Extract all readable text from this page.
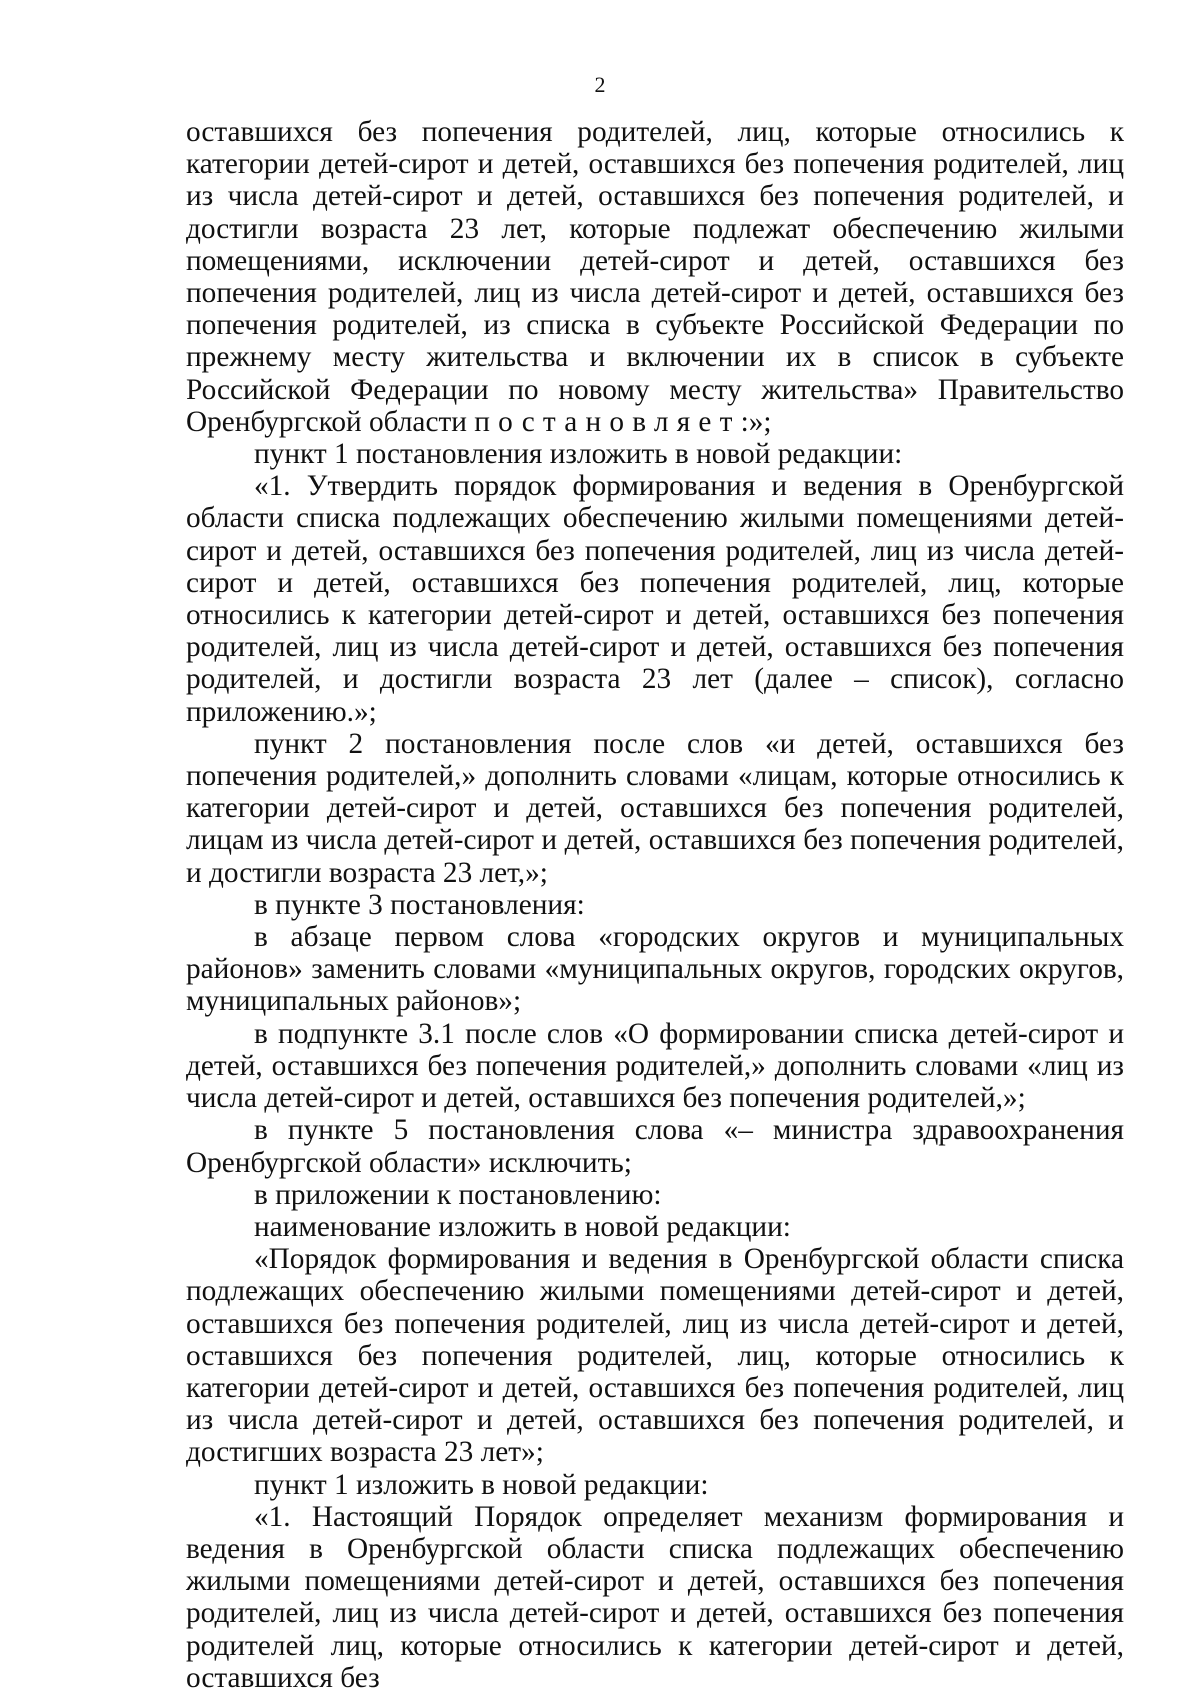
2

оставшихся без попечения родителей, лиц, которые относились к категории детей-сирот и детей, оставшихся без попечения родителей, лиц из числа детей-сирот и детей, оставшихся без попечения родителей, и достигли возраста 23 лет, которые подлежат обеспечению жилыми помещениями, исключении детей-сирот и детей, оставшихся без попечения родителей, лиц из числа детей-сирот и детей, оставшихся без попечения родителей, из списка в субъекте Российской Федерации по прежнему месту жительства и включении их в список в субъекте Российской Федерации по новому месту жительства» Правительство Оренбургской области постановляет:»;

пункт 1 постановления изложить в новой редакции:

«1. Утвердить порядок формирования и ведения в Оренбургской области списка подлежащих обеспечению жилыми помещениями детей-сирот и детей, оставшихся без попечения родителей, лиц из числа детей-сирот и детей, оставшихся без попечения родителей, лиц, которые относились к категории детей-сирот и детей, оставшихся без попечения родителей, лиц из числа детей-сирот и детей, оставшихся без попечения родителей, и достигли возраста 23 лет (далее – список), согласно приложению.»;

пункт 2 постановления после слов «и детей, оставшихся без попечения родителей,» дополнить словами «лицам, которые относились к категории детей-сирот и детей, оставшихся без попечения родителей, лицам из числа детей-сирот и детей, оставшихся без попечения родителей, и достигли возраста 23 лет,»;

в пункте 3 постановления:

в абзаце первом слова «городских округов и муниципальных районов» заменить словами «муниципальных округов, городских округов, муниципальных районов»;

в подпункте 3.1 после слов «О формировании списка детей-сирот и детей, оставшихся без попечения родителей,» дополнить словами «лиц из числа детей-сирот и детей, оставшихся без попечения родителей,»;

в пункте 5 постановления слова «– министра здравоохранения Оренбургской области» исключить;

в приложении к постановлению:

наименование изложить в новой редакции:

«Порядок формирования и ведения в Оренбургской области списка подлежащих обеспечению жилыми помещениями детей-сирот и детей, оставшихся без попечения родителей, лиц из числа детей-сирот и детей, оставшихся без попечения родителей, лиц, которые относились к категории детей-сирот и детей, оставшихся без попечения родителей, лиц из числа детей-сирот и детей, оставшихся без попечения родителей, и достигших возраста 23 лет»;

пункт 1 изложить в новой редакции:

«1. Настоящий Порядок определяет механизм формирования и ведения в Оренбургской области списка подлежащих обеспечению жилыми помещениями детей-сирот и детей, оставшихся без попечения родителей, лиц из числа детей-сирот и детей, оставшихся без попечения родителей лиц, которые относились к категории детей-сирот и детей, оставшихся без
